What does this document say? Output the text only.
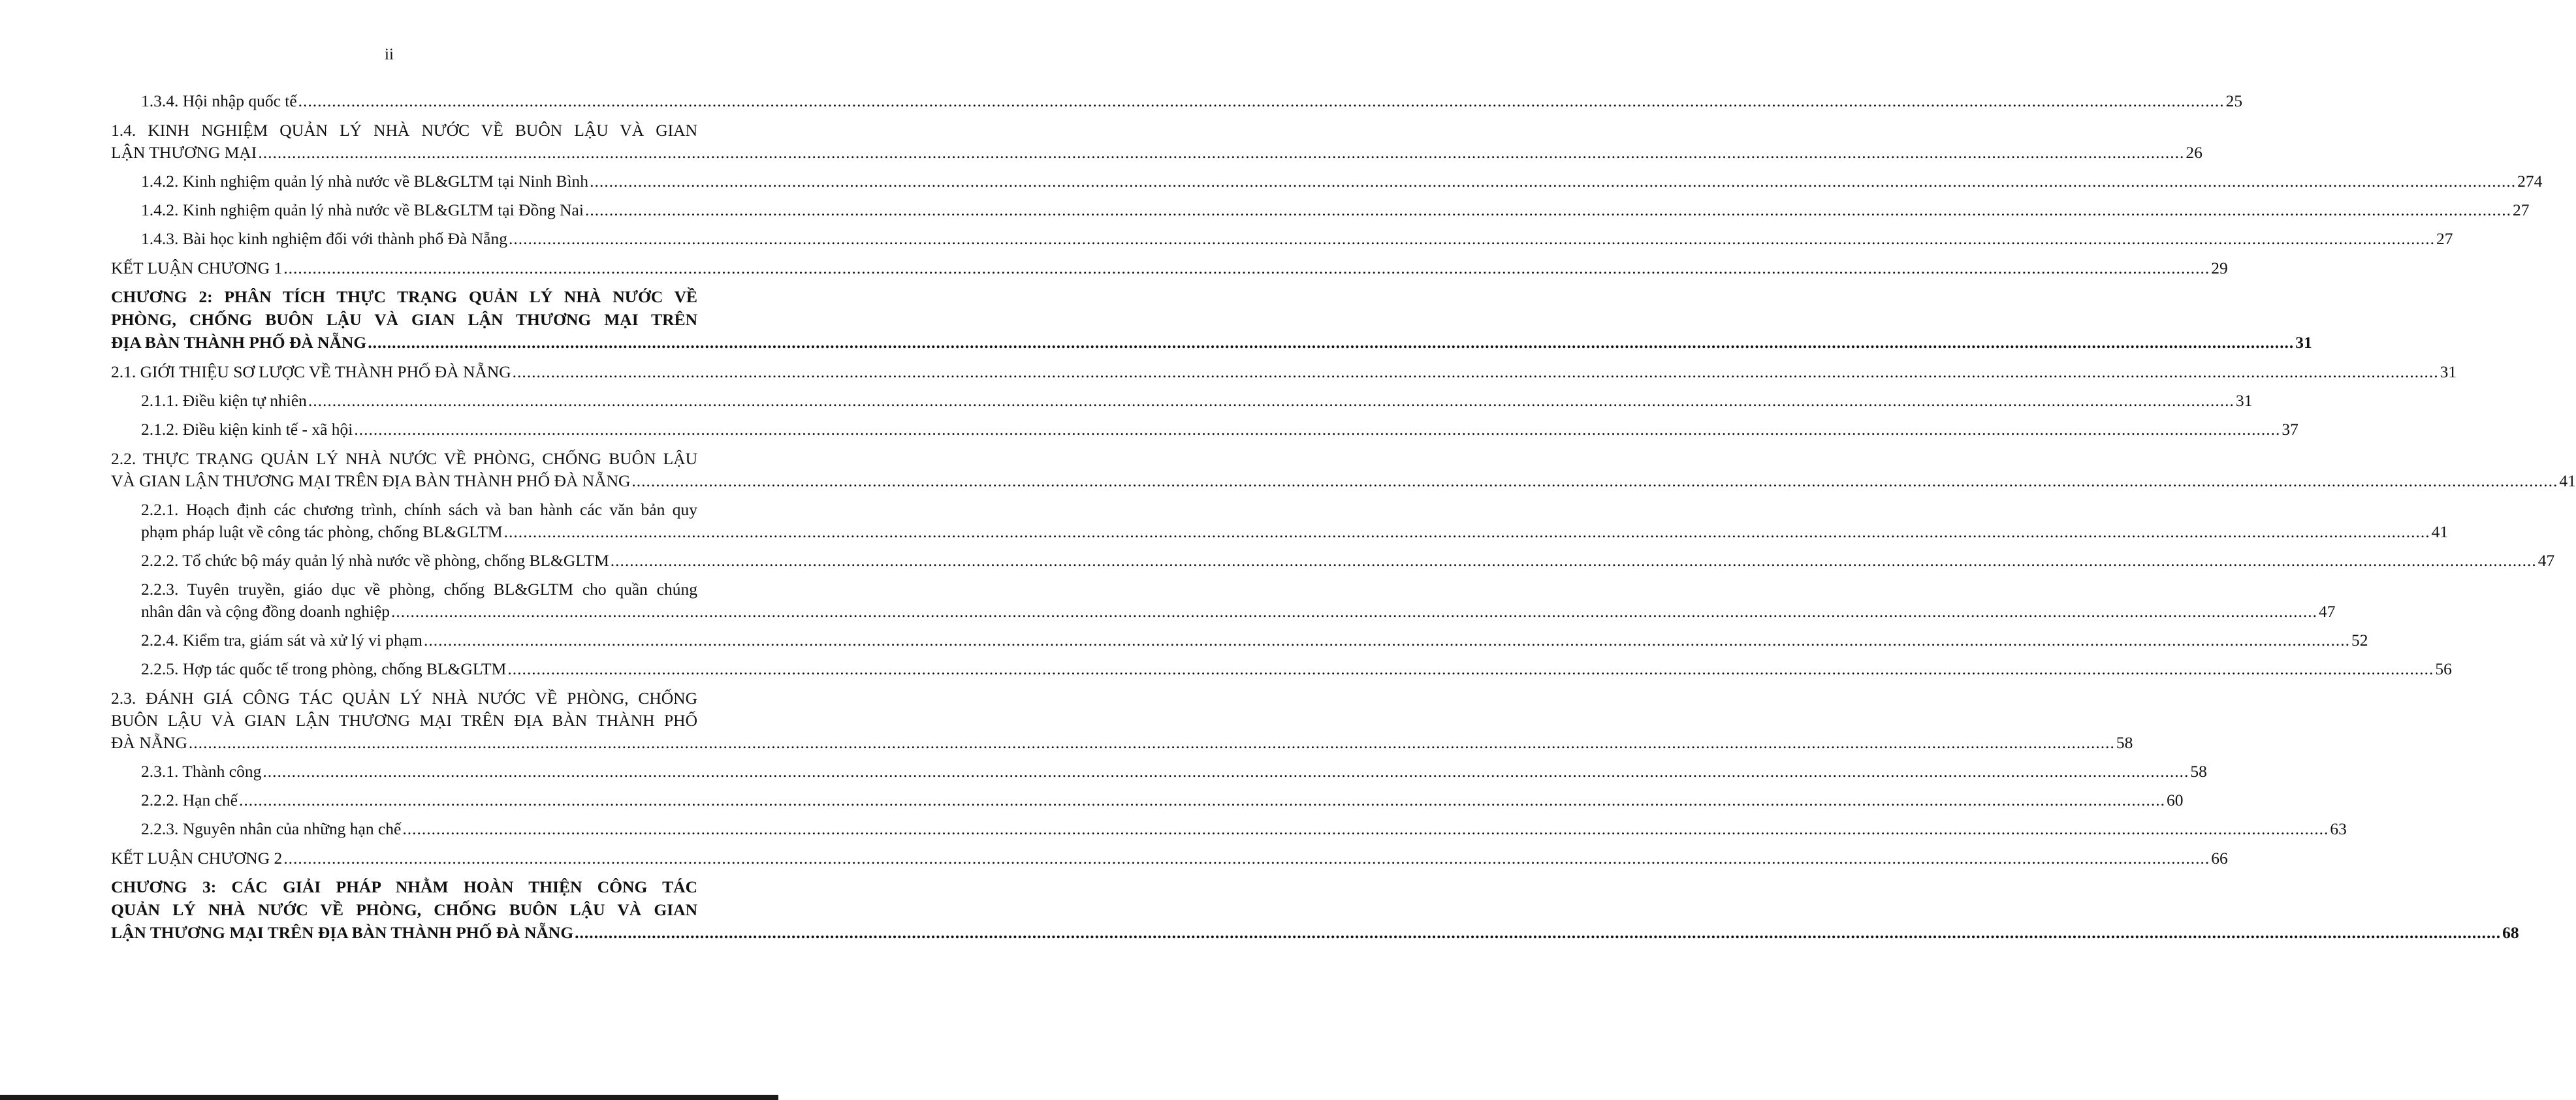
ii
1.3.4. Hội nhập quốc tế ................................................................................................................................................................................................................................................................................................................................................................................................................ 25
1.4. KINH NGHIỆM QUẢN LÝ NHÀ NƯỚC VỀ BUÔN LẬU VÀ GIAN
LẬN THƯƠNG MẠI ................................................................................................................................................................................................................................................................................................................................................................................................................ 26
1.4.2. Kinh nghiệm quản lý nhà nước về BL&GLTM tại Ninh Bình ................................................................................................................................................................................................................................................................................................................................................................................................................ 274
1.4.2. Kinh nghiệm quản lý nhà nước về BL&GLTM tại Đồng Nai ................................................................................................................................................................................................................................................................................................................................................................................................................ 27
1.4.3. Bài học kinh nghiệm đối với thành phố Đà Nẵng ................................................................................................................................................................................................................................................................................................................................................................................................................ 27
KẾT LUẬN CHƯƠNG 1 ................................................................................................................................................................................................................................................................................................................................................................................................................ 29
CHƯƠNG 2: PHÂN TÍCH THỰC TRẠNG QUẢN LÝ NHÀ NƯỚC VỀ
PHÒNG, CHỐNG BUÔN LẬU VÀ GIAN LẬN THƯƠNG MẠI TRÊN
ĐỊA BÀN THÀNH PHỐ ĐÀ NẴNG ................................................................................................................................................................................................................................................................................................................................................................................................................ 31
2.1. GIỚI THIỆU SƠ LƯỢC VỀ THÀNH PHỐ ĐÀ NẴNG ................................................................................................................................................................................................................................................................................................................................................................................................................ 31
2.1.1. Điều kiện tự nhiên ................................................................................................................................................................................................................................................................................................................................................................................................................ 31
2.1.2. Điều kiện kinh tế - xã hội ................................................................................................................................................................................................................................................................................................................................................................................................................ 37
2.2. THỰC TRẠNG QUẢN LÝ NHÀ NƯỚC VỀ PHÒNG, CHỐNG BUÔN LẬU
VÀ GIAN LẬN THƯƠNG MẠI TRÊN ĐỊA BÀN THÀNH PHỐ ĐÀ NẴNG ................................................................................................................................................................................................................................................................................................................................................................................................................ 41
2.2.1. Hoạch định các chương trình, chính sách và ban hành các văn bản quy
phạm pháp luật về công tác phòng, chống BL&GLTM ................................................................................................................................................................................................................................................................................................................................................................................................................ 41
2.2.2. Tổ chức bộ máy quản lý nhà nước về phòng, chống BL&GLTM ................................................................................................................................................................................................................................................................................................................................................................................................................ 47
2.2.3. Tuyên truyền, giáo dục về phòng, chống BL&GLTM cho quần chúng
nhân dân và cộng đồng doanh nghiệp ................................................................................................................................................................................................................................................................................................................................................................................................................ 47
2.2.4. Kiểm tra, giám sát và xử lý vi phạm ................................................................................................................................................................................................................................................................................................................................................................................................................ 52
2.2.5. Hợp tác quốc tế trong phòng, chống BL&GLTM ................................................................................................................................................................................................................................................................................................................................................................................................................ 56
2.3. ĐÁNH GIÁ CÔNG TÁC QUẢN LÝ NHÀ NƯỚC VỀ PHÒNG, CHỐNG
BUÔN LẬU VÀ GIAN LẬN THƯƠNG MẠI TRÊN ĐỊA BÀN THÀNH PHỐ
ĐÀ NẴNG ................................................................................................................................................................................................................................................................................................................................................................................................................ 58
2.3.1. Thành công ................................................................................................................................................................................................................................................................................................................................................................................................................ 58
2.2.2. Hạn chế ................................................................................................................................................................................................................................................................................................................................................................................................................ 60
2.2.3. Nguyên nhân của những hạn chế ................................................................................................................................................................................................................................................................................................................................................................................................................ 63
KẾT LUẬN CHƯƠNG 2 ................................................................................................................................................................................................................................................................................................................................................................................................................ 66
CHƯƠNG 3: CÁC GIẢI PHÁP NHẰM HOÀN THIỆN CÔNG TÁC
QUẢN LÝ NHÀ NƯỚC VỀ PHÒNG, CHỐNG BUÔN LẬU VÀ GIAN
LẬN THƯƠNG MẠI TRÊN ĐỊA BÀN THÀNH PHỐ ĐÀ NẴNG ................................................................................................................................................................................................................................................................................................................................................................................................................ 68
